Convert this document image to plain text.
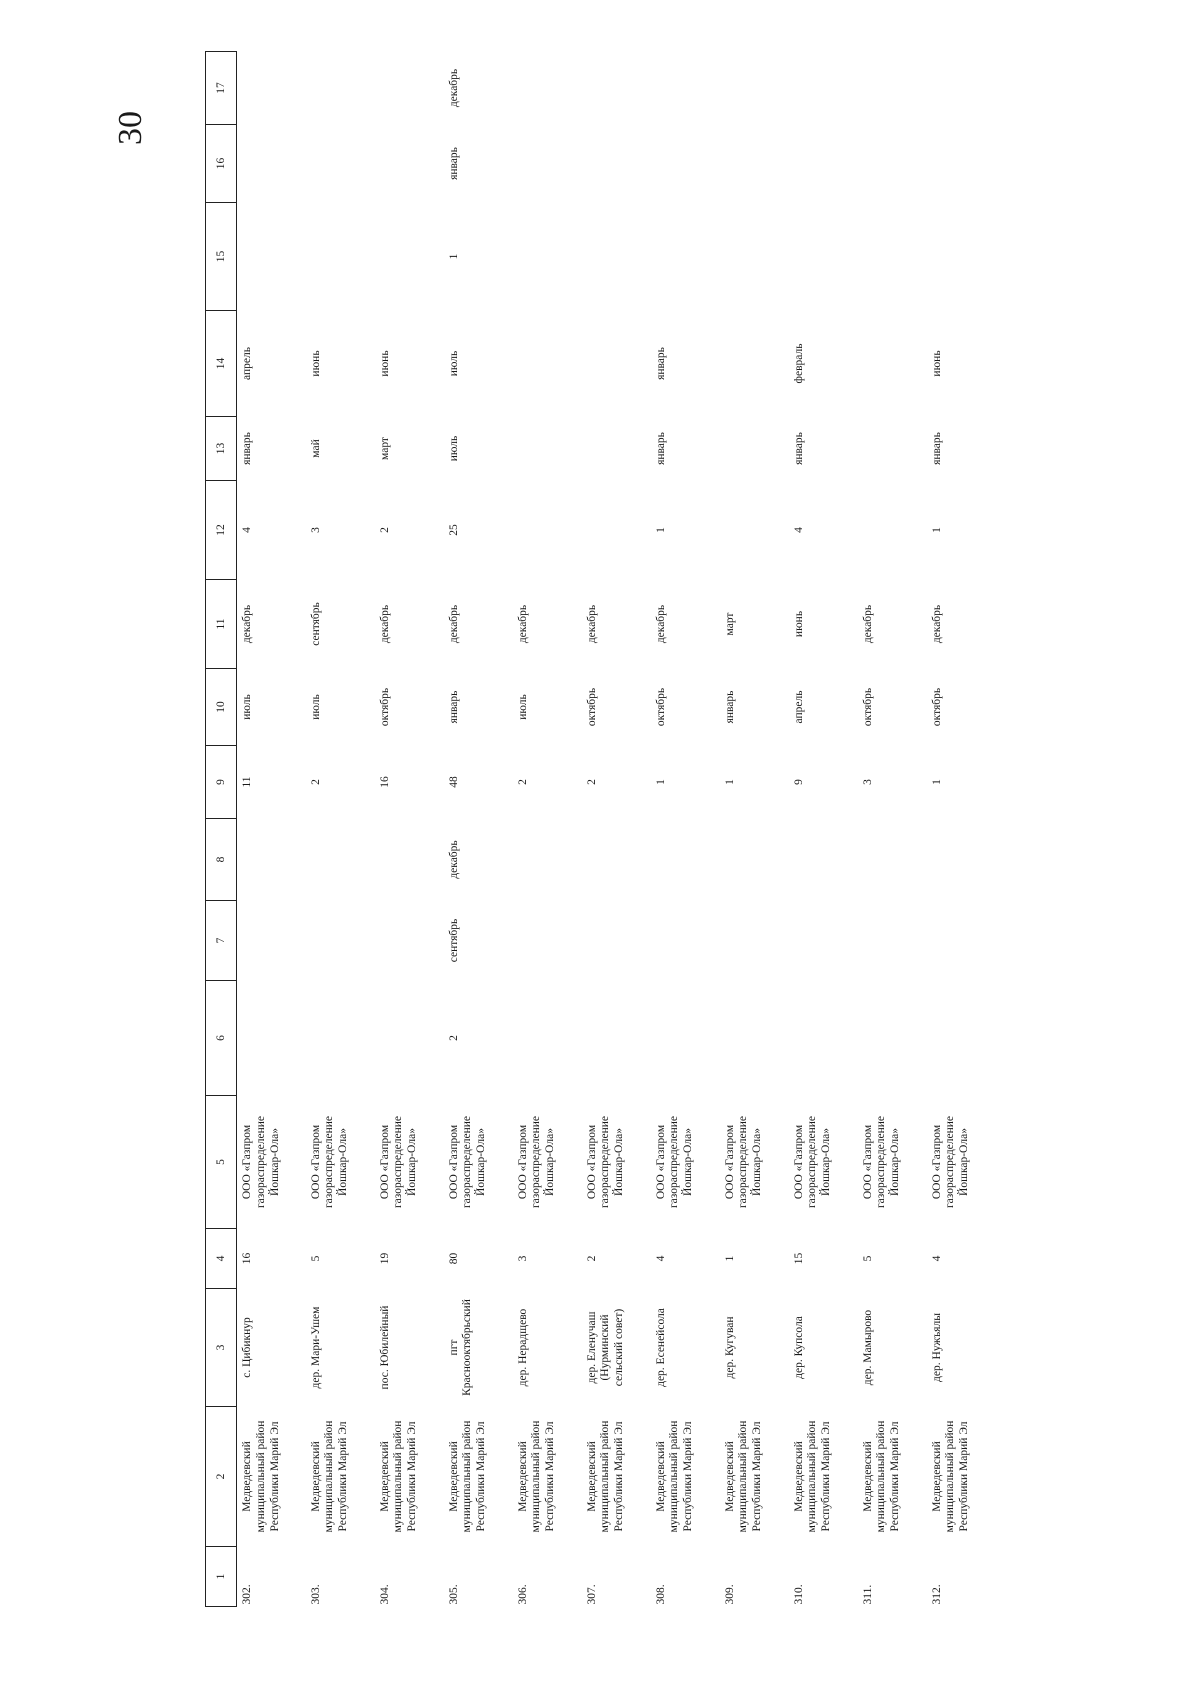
30
1	2	3	4	5	6	7	8	9	10	11	12	13	14	15	16	17
302.	Медведевский муниципальный район Республики Марий Эл	с. Цибикнур	16	ООО «Газпром газораспределение Йошкар-Ола»				11	июль	декабрь	4	январь	апрель			
303.	Медведевский муниципальный район Республики Марий Эл	дер. Мари-Ушем	5	ООО «Газпром газораспределение Йошкар-Ола»				2	июль	сентябрь	3	май	июнь			
304.	Медведевский муниципальный район Республики Марий Эл	пос. Юбилейный	19	ООО «Газпром газораспределение Йошкар-Ола»				16	октябрь	декабрь	2	март	июнь			
305.	Медведевский муниципальный район Республики Марий Эл	пгт Краснооктябрьский	80	ООО «Газпром газораспределение Йошкар-Ола»	2	сентябрь	декабрь	48	январь	декабрь	25	июль	июль	1	январь	декабрь
306.	Медведевский муниципальный район Республики Марий Эл	дер. Нерадщево	3	ООО «Газпром газораспределение Йошкар-Ола»				2	июль	декабрь						
307.	Медведевский муниципальный район Республики Марий Эл	дер. Еленучаш (Нурминский сельский совет)	2	ООО «Газпром газораспределение Йошкар-Ола»				2	октябрь	декабрь						
308.	Медведевский муниципальный район Республики Марий Эл	дер. Есенейсола	4	ООО «Газпром газораспределение Йошкар-Ола»				1	октябрь	декабрь	1	январь	январь			
309.	Медведевский муниципальный район Республики Марий Эл	дер. Кугуван	1	ООО «Газпром газораспределение Йошкар-Ола»				1	январь	март						
310.	Медведевский муниципальный район Республики Марий Эл	дер. Купсола	15	ООО «Газпром газораспределение Йошкар-Ола»				9	апрель	июнь	4	январь	февраль			
311.	Медведевский муниципальный район Республики Марий Эл	дер. Мамырово	5	ООО «Газпром газораспределение Йошкар-Ола»				3	октябрь	декабрь						
312.	Медведевский муниципальный район Республики Марий Эл	дер. Нужъялы	4	ООО «Газпром газораспределение Йошкар-Ола»				1	октябрь	декабрь	1	январь	июнь			
